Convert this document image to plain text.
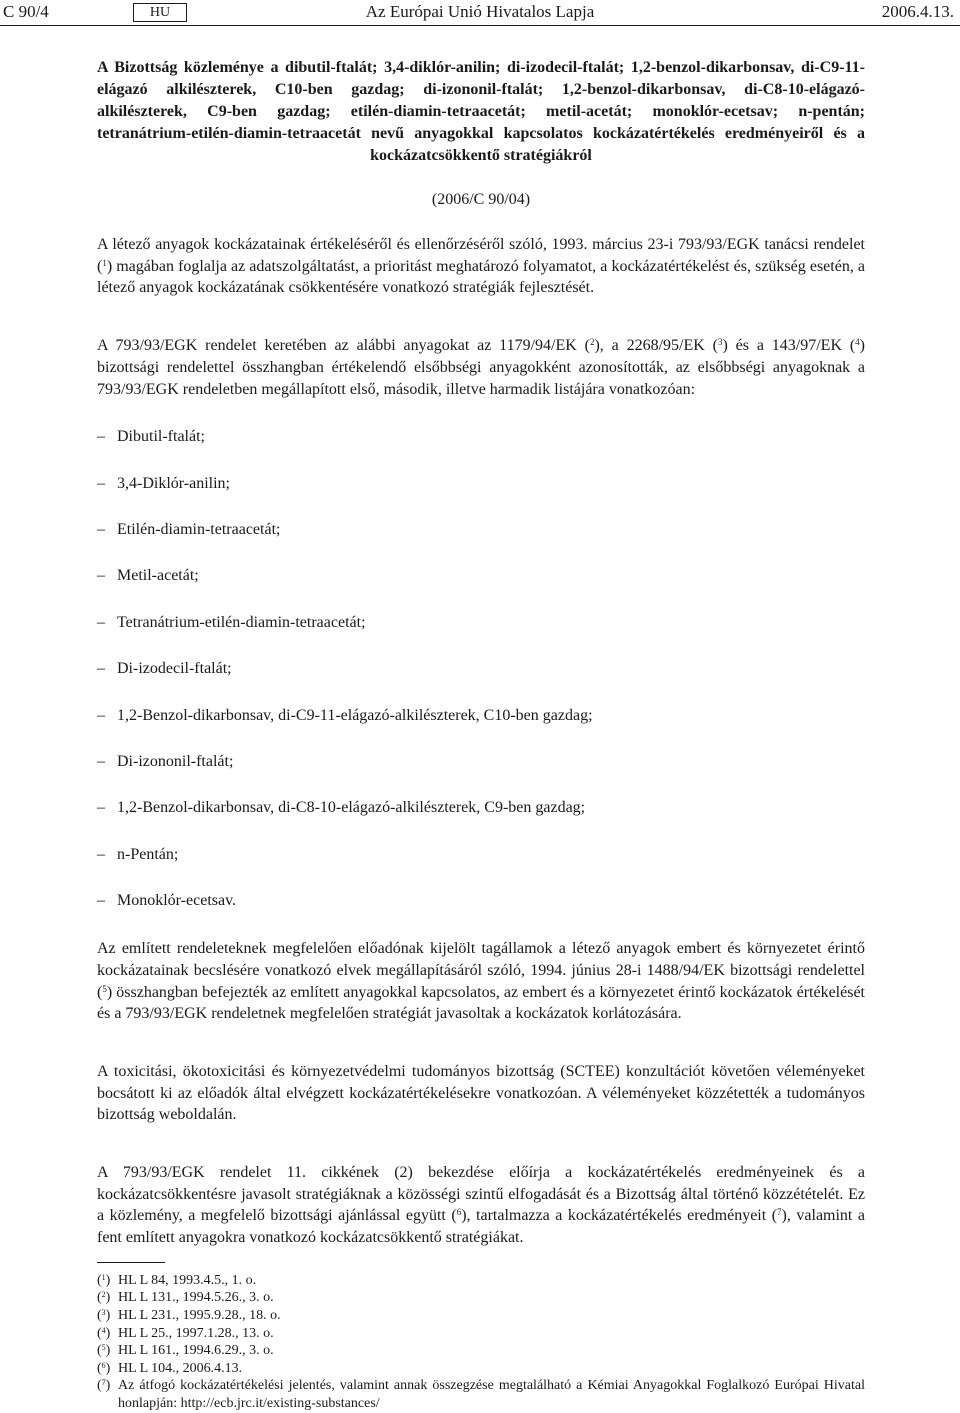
C 90/4	HU	Az Európai Unió Hivatalos Lapja	2006.4.13.

A Bizottság közleménye a dibutil-ftalát; 3,4-diklór-anilin; di-izodecil-ftalát; 1,2-benzol-dikarbonsav, di-C9-11-elágazó alkilészterek, C10-ben gazdag; di-izononil-ftalát; 1,2-benzol-dikarbonsav, di-C8-10-elágazó-alkilészterek, C9-ben gazdag; etilén-diamin-tetraacetát; metil-acetát; monoklór-ecetsav; n-pentán; tetranátrium-etilén-diamin-tetraacetát nevű anyagokkal kapcsolatos kockázatértékelés eredményeiről és a kockázatcsökkentő stratégiákról

(2006/C 90/04)

A létező anyagok kockázatainak értékeléséről és ellenőrzéséről szóló, 1993. március 23-i 793/93/EGK tanácsi rendelet ($^1$) magában foglalja az adatszolgáltatást, a prioritást meghatározó folyamatot, a kockázatértékelést és, szükség esetén, a létező anyagok kockázatának csökkentésére vonatkozó stratégiák fejlesztését.

A 793/93/EGK rendelet keretében az alábbi anyagokat az 1179/94/EK ($^2$), a 2268/95/EK ($^3$) és a 143/97/EK ($^4$) bizottsági rendelettel összhangban értékelendő elsőbbségi anyagokként azonosították, az elsőbbségi anyagoknak a 793/93/EGK rendeletben megállapított első, második, illetve harmadik listájára vonatkozóan:

– Dibutil-ftalát;
– 3,4-Diklór-anilin;
– Etilén-diamin-tetraacetát;
– Metil-acetát;
– Tetranátrium-etilén-diamin-tetraacetát;
– Di-izodecil-ftalát;
– 1,2-Benzol-dikarbonsav, di-C9-11-elágazó-alkilészterek, C10-ben gazdag;
– Di-izononil-ftalát;
– 1,2-Benzol-dikarbonsav, di-C8-10-elágazó-alkilészterek, C9-ben gazdag;
– n-Pentán;
– Monoklór-ecetsav.

Az említett rendeleteknek megfelelően előadónak kijelölt tagállamok a létező anyagok embert és környezetet érintő kockázatainak becslésére vonatkozó elvek megállapításáról szóló, 1994. június 28-i 1488/94/EK bizottsági rendelettel ($^5$) összhangban befejezték az említett anyagokkal kapcsolatos, az embert és a környezetet érintő kockázatok értékelését és a 793/93/EGK rendeletnek megfelelően stratégiát javasoltak a kockázatok korlátozására.

A toxicitási, ökotoxicitási és környezetvédelmi tudományos bizottság (SCTEE) konzultációt követően véleményeket bocsátott ki az előadók által elvégzett kockázatértékelésekre vonatkozóan. A véleményeket közzétették a tudományos bizottság weboldalán.

A 793/93/EGK rendelet 11. cikkének (2) bekezdése előírja a kockázatértékelés eredményeinek és a kockázatcsökkentésre javasolt stratégiáknak a közösségi szintű elfogadását és a Bizottság által történő közzétételét. Ez a közlemény, a megfelelő bizottsági ajánlással együtt ($^6$), tartalmazza a kockázatértékelés eredményeit ($^7$), valamint a fent említett anyagokra vonatkozó kockázatcsökkentő stratégiákat.

($^1$) HL L 84, 1993.4.5., 1. o.
($^2$) HL L 131., 1994.5.26., 3. o.
($^3$) HL L 231., 1995.9.28., 18. o.
($^4$) HL L 25., 1997.1.28., 13. o.
($^5$) HL L 161., 1994.6.29., 3. o.
($^6$) HL L 104., 2006.4.13.
($^7$) Az átfogó kockázatértékelési jelentés, valamint annak összegzése megtalálható a Kémiai Anyagokkal Foglalkozó Európai Hivatal honlapján: http://ecb.jrc.it/existing-substances/
